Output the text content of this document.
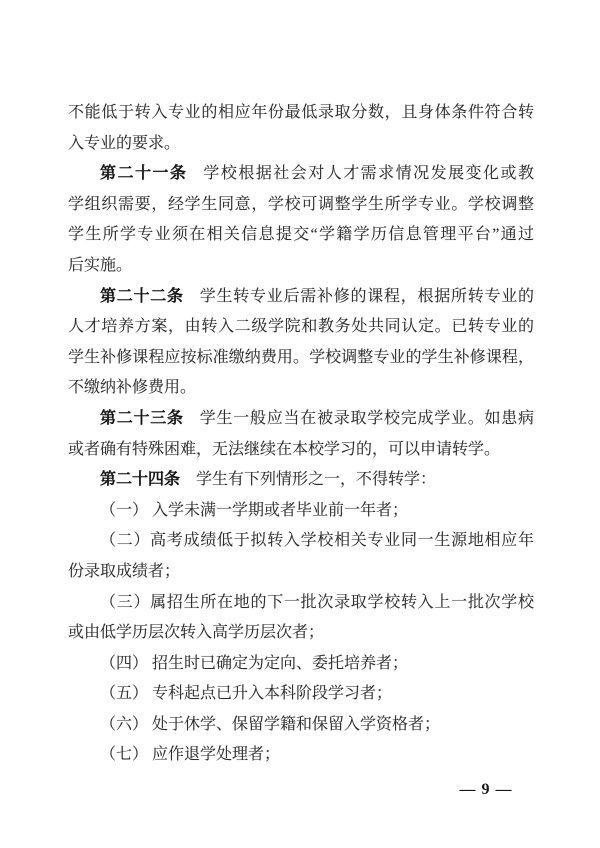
不能低于转入专业的相应年份最低录取分数，且身体条件符合转
入专业的要求。
第二十一条 学校根据社会对人才需求情况发展变化或教
学组织需要，经学生同意，学校可调整学生所学专业。学校调整
学生所学专业须在相关信息提交“学籍学历信息管理平台”通过
后实施。
第二十二条 学生转专业后需补修的课程，根据所转专业的
人才培养方案，由转入二级学院和教务处共同认定。已转专业的
学生补修课程应按标准缴纳费用。学校调整专业的学生补修课程，
不缴纳补修费用。
第二十三条 学生一般应当在被录取学校完成学业。如患病
或者确有特殊困难，无法继续在本校学习的，可以申请转学。
第二十四条 学生有下列情形之一，不得转学：
（一） 入学未满一学期或者毕业前一年者；
（二）高考成绩低于拟转入学校相关专业同一生源地相应年
份录取成绩者；
（三）属招生所在地的下一批次录取学校转入上一批次学校
或由低学历层次转入高学历层次者；
（四） 招生时已确定为定向、委托培养者；
（五） 专科起点已升入本科阶段学习者；
（六） 处于休学、保留学籍和保留入学资格者；
（七） 应作退学处理者；
— 9 —
